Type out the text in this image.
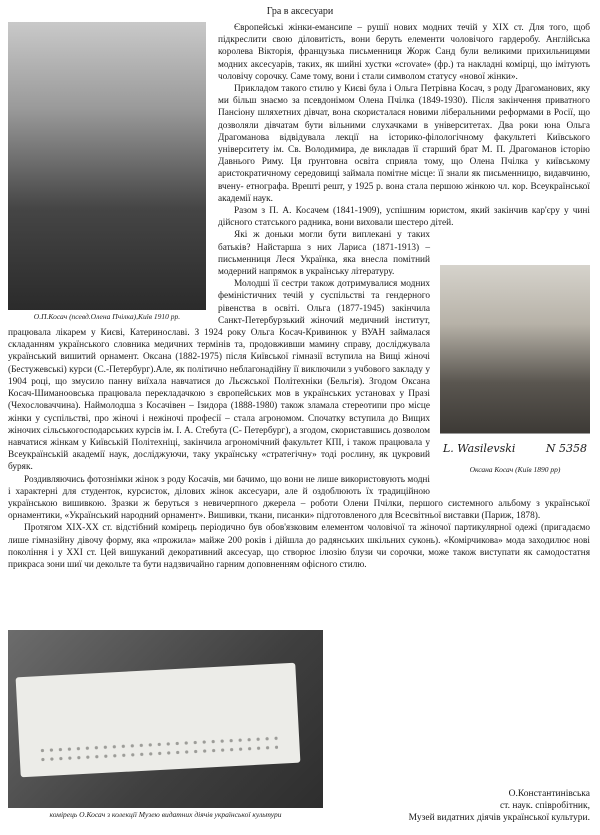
Гра в аксесуари
О.П.Косач (псевд.Олена Пчілка),Київ 1910 рр.

Європейські жінки-емансипе – рушії нових модних течій у XIX ст. Для того, щоб підкреслити свою діловитість, вони беруть елементи чоловічого гардеробу. Англійська королева Вікторія, французька письменниця Жорж Санд були великими прихильницями модних аксесуарів, таких, як шийні хустки «crovate» (фр.) та накладні комірці, що імітують чоловічу сорочку. Саме тому, вони і стали символом статусу «нової жінки».

Прикладом такого стилю у Києві була і Ольга Петрівна Косач, з роду Драгоманових, яку ми більш знаємо за псевдонімом Олена Пчілка (1849-1930). Після закінчення приватного Пансіону шляхетних дівчат, вона скористалася новими ліберальними реформами в Росії, що дозволяли дівчатам бути вільними слухачками в університетах. Два роки юна Ольга Драгоманова відвідувала лекції на історико-філологічному факультеті Київського університету ім. Св. Володимира, де викладав її старший брат М. П. Драгоманов історію Давнього Риму. Ця ґрунтовна освіта сприяла тому, що Олена Пчілка у київському аристократичному середовищі займала помітне місце: її знали як письменницю, видавчиню, вчену- етнографа. Врешті решт, у 1925 р. вона стала першою жінкою чл. кор. Всеукраїнської академії наук.

Разом з П. А. Косачем (1841-1909), успішним юристом, який закінчив кар'єру у чині дійсного статського радника, вони виховали шестеро дітей.

L. Wasilevski	N 5358
Оксана Косач (Київ 1890 рр)

Які ж доньки могли бути виплекані у таких батьків? Найстарша з них Лариса (1871-1913) – письменниця Леся Українка, яка внесла помітний модерний напрямок в українську літературу.

Молодші її сестри також дотримувалися модних феміністичних течій у суспільстві та гендерного рівенства в освіті. Ольга (1877-1945) закінчила Санкт-Петербурзький жіночий медичний інститут, працювала лікарем у Києві, Катеринославі. З 1924 року Ольга Косач-Кривинюк у ВУАН займалася складанням українського словника медичних термінів та, продовживши мамину справу, досліджувала український вишитий орнамент. Оксана (1882-1975) після Київської гімназії вступила на Вищі жіночі (Бестужевські) курси (С.-Петербург).Але, як політично неблагонадійну її виключили з учбового закладу у 1904 році, що змусило панну виїхала навчатися до Льєжської Політехніки (Бельгія). Згодом Оксана Косач-Шиманоовська працювала перекладачкою з європейських мов в українських установах у Празі (Чехословаччина). Наймолодша з Косачівен – Ізидора (1888-1980) також зламала стереотипи про місце жінки у суспільстві, про жіночі і нежіночі професії – стала агрономом. Спочатку вступила до Вищих жіночих сільськогосподарських курсів ім. І. А. Стебута (С- Петербург), а згодом, скориставшись дозволом навчатися жінкам у Київській Політехніці, закінчила агрономічний факультет КПІ, і також працювала у Всеукраїнській академії наук, досліджуючи, таку українську «стратегічну» тоді рослину, як цукровий буряк.

Роздивляючись фотознімки жінок з роду Косачів, ми бачимо, що вони не лише використовують модні і характерні для студенток, курсисток, ділових жінок аксесуари, але й оздоблюють їх традиційною українською вишивкою. Зразки ж беруться з невичерпного джерела – роботи Олени Пчілки, першого системного альбому з української орнаментики, «Український народний орнамент». Вишивки, ткани, писанки» підготовленого для Всесвітньої виставки (Париж, 1878).

Протягом XIX-XX ст. відстібний комірець періодично був обов'язковим елементом чоловічої та жіночої партикулярної одежі (пригадаємо лише гімназійну дівочу форму, яка «прожила» майже 200 років і дійшла до радянських шкільних суконь). «Комірчикова» мода заходилює нові покоління і у XXI ст. Цей вишуканий декоративний аксесуар, що створює ілюзію блузи чи сорочки, може також виступати як самодостатня прикраса зони шиї чи декольте та бути надзвичайно гарним доповненням офісного стилю.

комірець О.Косач з колекції Музею видатних діячів української культури
О.Константинівська
ст. наук. співробітник,
Музей видатних діячів української культури.
